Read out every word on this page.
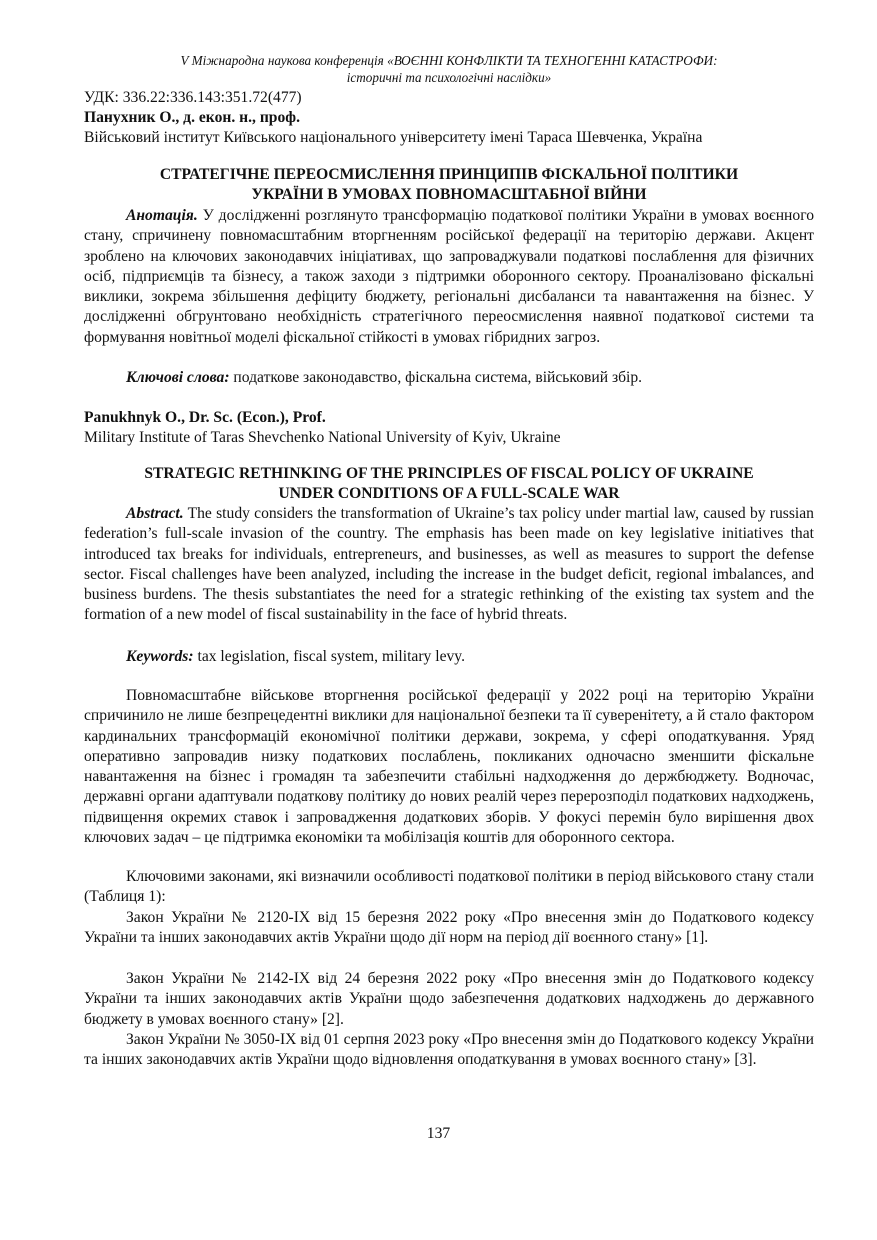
V Міжнародна наукова конференція «ВОЄННІ КОНФЛІКТИ ТА ТЕХНОГЕННІ КАТАСТРОФИ:
історичні та психологічні наслідки»
УДК: 336.22:336.143:351.72(477)
Панухник О., д. екон. н., проф.
Військовий інститут Київського національного університету імені Тараса Шевченка, Україна
СТРАТЕГІЧНЕ ПЕРЕОСМИСЛЕННЯ ПРИНЦИПІВ ФІСКАЛЬНОЇ ПОЛІТИКИ
УКРАЇНИ В УМОВАХ ПОВНОМАСШТАБНОЇ ВІЙНИ

Анотація. У дослідженні розглянуто трансформацію податкової політики України в умовах воєнного стану, спричинену повномасштабним вторгненням російської федерації на територію держави. Акцент зроблено на ключових законодавчих ініціативах, що запроваджували податкові послаблення для фізичних осіб, підприємців та бізнесу, а також заходи з підтримки оборонного сектору. Проаналізовано фіскальні виклики, зокрема збільшення дефіциту бюджету, регіональні дисбаланси та навантаження на бізнес. У дослідженні обгрунтовано необхідність стратегічного переосмислення наявної податкової системи та формування новітньої моделі фіскальної стійкості в умовах гібридних загроз.

Ключові слова: податкове законодавство, фіскальна система, військовий збір.

Panukhnyk O., Dr. Sc. (Econ.), Prof.
Military Institute of Taras Shevchenko National University of Kyiv, Ukraine
STRATEGIC RETHINKING OF THE PRINCIPLES OF FISCAL POLICY OF UKRAINE
UNDER CONDITIONS OF A FULL-SCALE WAR

Abstract. The study considers the transformation of Ukraine’s tax policy under martial law, caused by russian federation’s full-scale invasion of the country. The emphasis has been made on key legislative initiatives that introduced tax breaks for individuals, entrepreneurs, and businesses, as well as measures to support the defense sector. Fiscal challenges have been analyzed, including the increase in the budget deficit, regional imbalances, and business burdens. The thesis substantiates the need for a strategic rethinking of the existing tax system and the formation of a new model of fiscal sustainability in the face of hybrid threats.

Keywords: tax legislation, fiscal system, military levy.

Повномасштабне військове вторгнення російської федерації у 2022 році на територію України спричинило не лише безпрецедентні виклики для національної безпеки та її суверенітету, а й стало фактором кардинальних трансформацій економічної політики держави, зокрема, у сфері оподаткування. Уряд оперативно запровадив низку податкових послаблень, покликаних одночасно зменшити фіскальне навантаження на бізнес і громадян та забезпечити стабільні надходження до держбюджету. Водночас, державні органи адаптували податкову політику до нових реалій через перерозподіл податкових надходжень, підвищення окремих ставок і запровадження додаткових зборів. У фокусі перемін було вирішення двох ключових задач – це підтримка економіки та мобілізація коштів для оборонного сектора.

Ключовими законами, які визначили особливості податкової політики в період військового стану стали (Таблиця 1):

Закон України № 2120-IX від 15 березня 2022 року «Про внесення змін до Податкового кодексу України та інших законодавчих актів України щодо дії норм на період дії воєнного стану» [1].

Закон України № 2142-IX від 24 березня 2022 року «Про внесення змін до Податкового кодексу України та інших законодавчих актів України щодо забезпечення додаткових надходжень до державного бюджету в умовах воєнного стану» [2].

Закон України № 3050-IX від 01 серпня 2023 року «Про внесення змін до Податкового кодексу України та інших законодавчих актів України щодо відновлення оподаткування в умовах воєнного стану» [3].

137
